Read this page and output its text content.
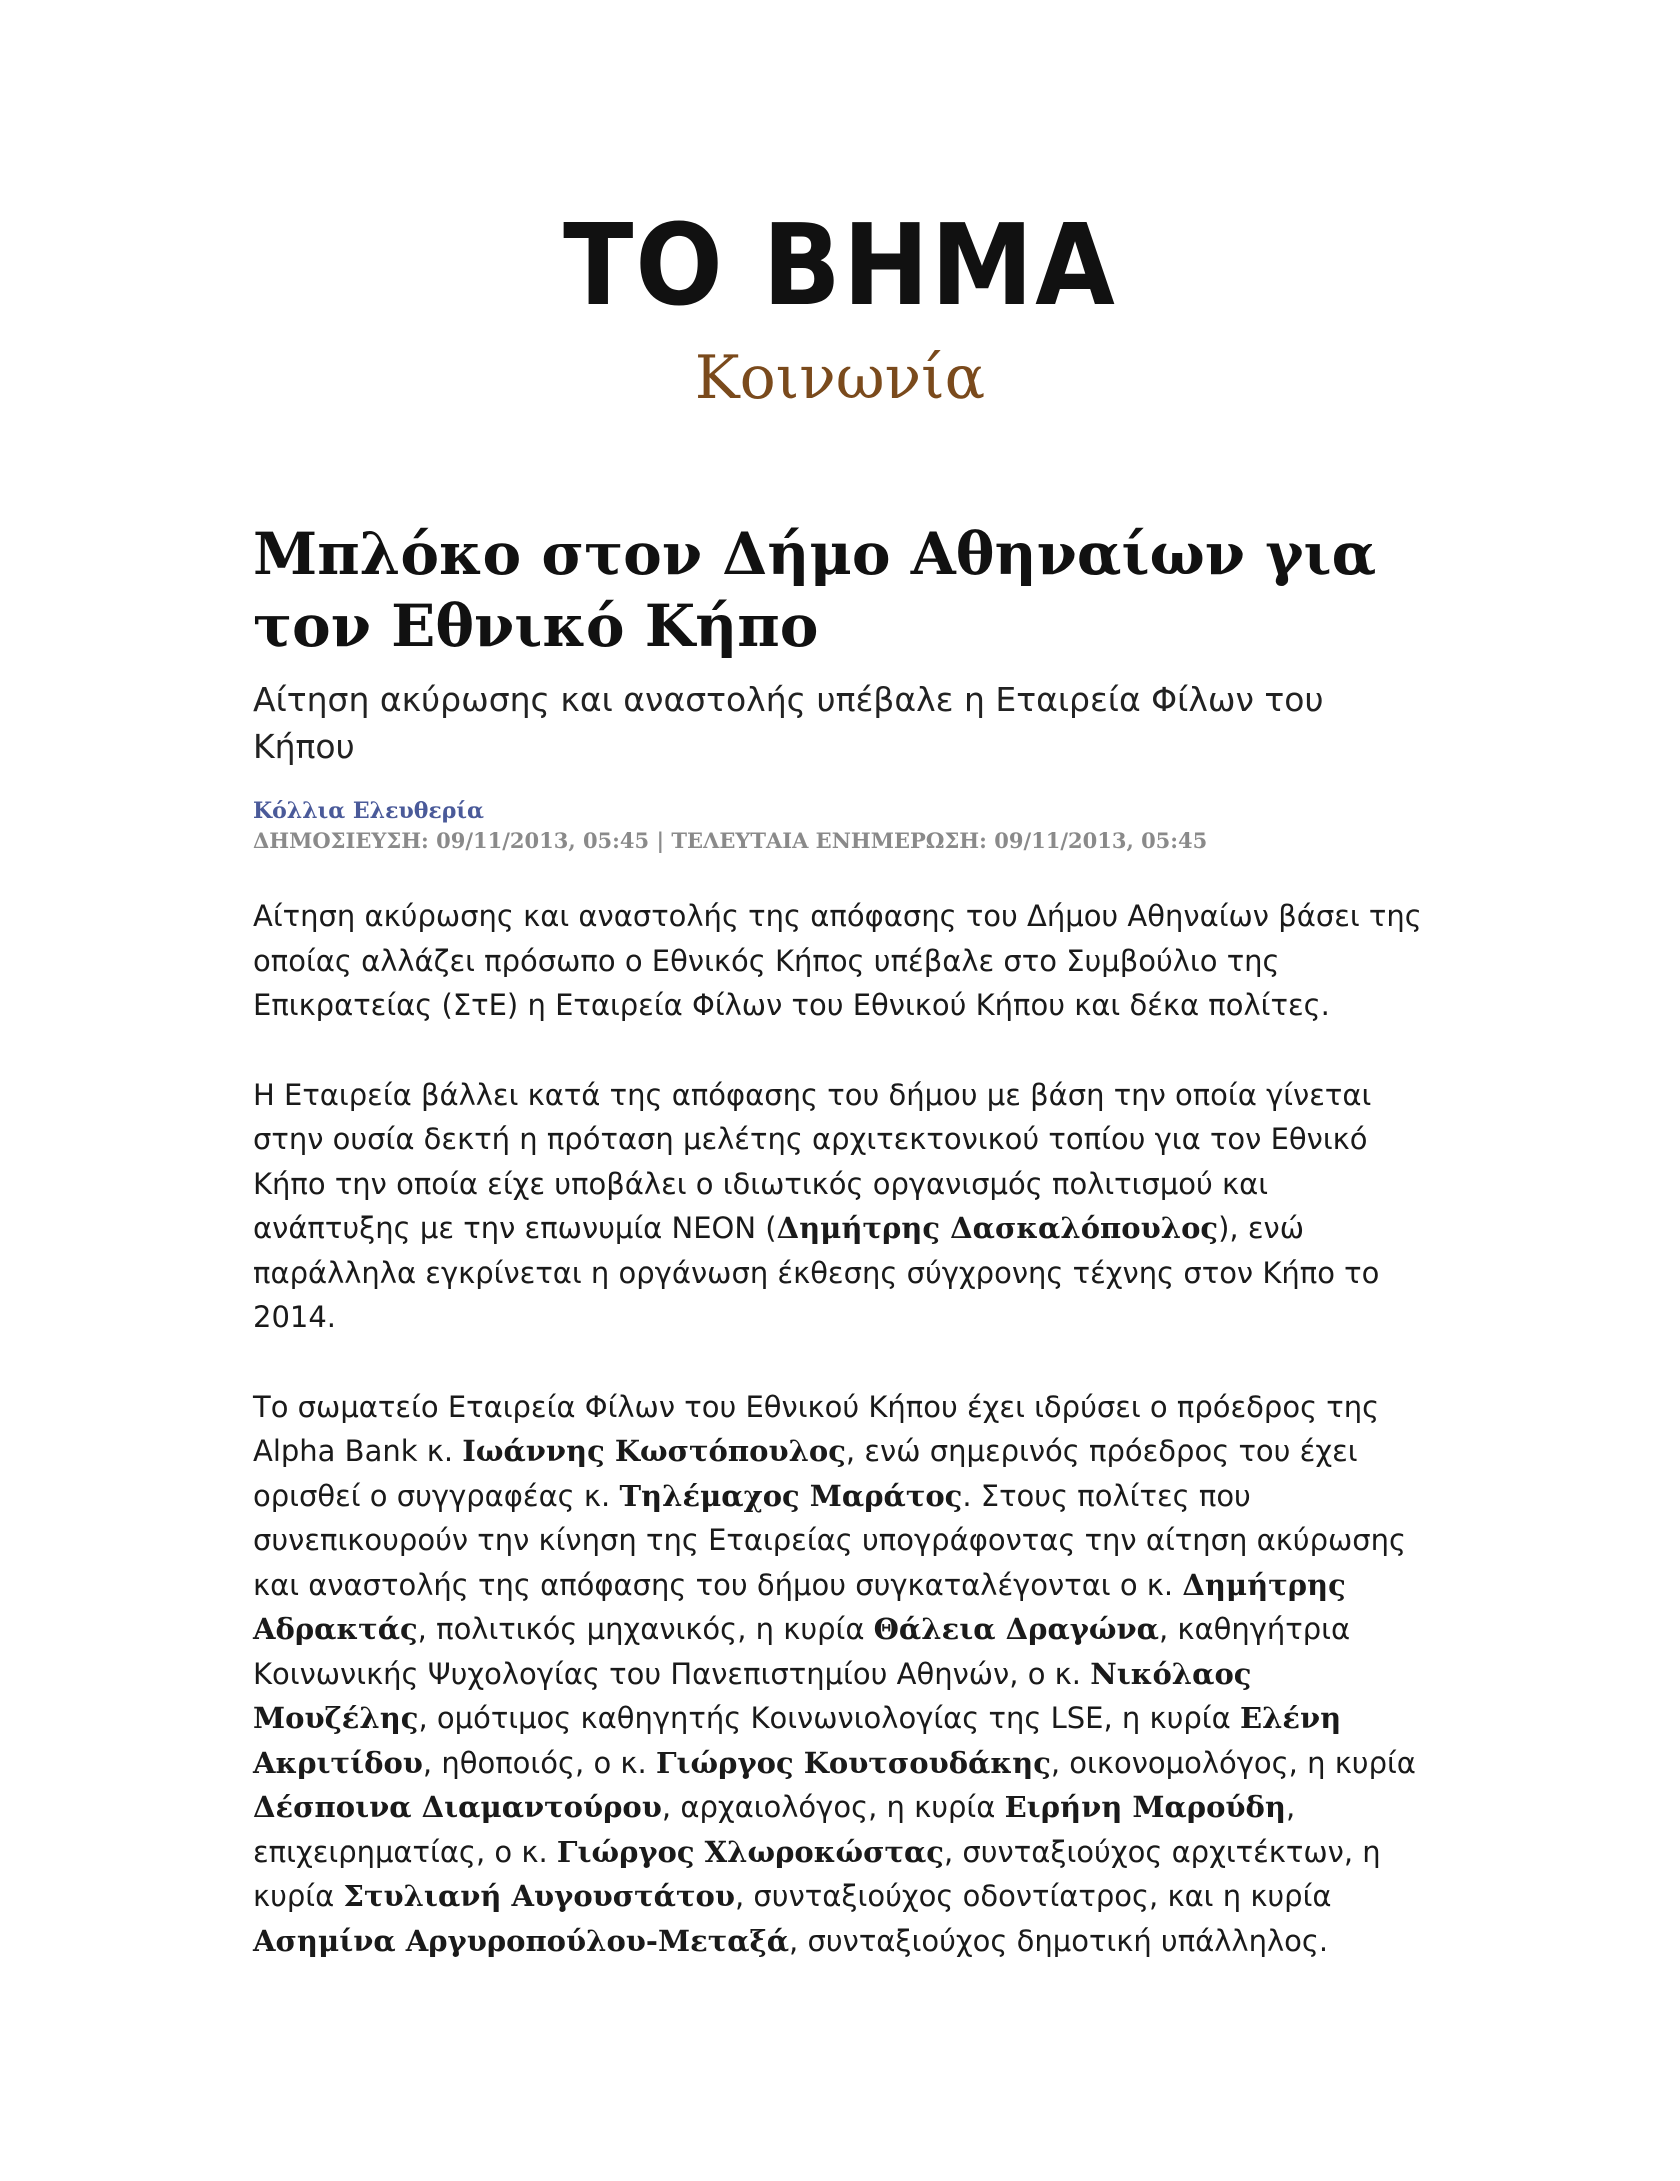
ΤΟ ΒΗΜΑ
Κοινωνία
Μπλόκο στον Δήμο Αθηναίων για τον Εθνικό Κήπο
Αίτηση ακύρωσης και αναστολής υπέβαλε η Εταιρεία Φίλων του Κήπου
Κόλλια Ελευθερία
ΔΗΜΟΣΙΕΥΣΗ: 09/11/2013, 05:45 | ΤΕΛΕΥΤΑΙΑ ΕΝΗΜΕΡΩΣΗ: 09/11/2013, 05:45

Αίτηση ακύρωσης και αναστολής της απόφασης του Δήμου Αθηναίων βάσει της οποίας αλλάζει πρόσωπο ο Εθνικός Κήπος υπέβαλε στο Συμβούλιο της Επικρατείας (ΣτΕ) η Εταιρεία Φίλων του Εθνικού Κήπου και δέκα πολίτες.

Η Εταιρεία βάλλει κατά της απόφασης του δήμου με βάση την οποία γίνεται στην ουσία δεκτή η πρόταση μελέτης αρχιτεκτονικού τοπίου για τον Εθνικό Κήπο την οποία είχε υποβάλει ο ιδιωτικός οργανισμός πολιτισμού και ανάπτυξης με την επωνυμία ΝΕΟΝ (Δημήτρης Δασκαλόπουλος), ενώ παράλληλα εγκρίνεται η οργάνωση έκθεσης σύγχρονης τέχνης στον Κήπο το 2014.

Το σωματείο Εταιρεία Φίλων του Εθνικού Κήπου έχει ιδρύσει ο πρόεδρος της Alpha Bank κ. Ιωάννης Κωστόπουλος, ενώ σημερινός πρόεδρος του έχει ορισθεί ο συγγραφέας κ. Τηλέμαχος Μαράτος. Στους πολίτες που συνεπικουρούν την κίνηση της Εταιρείας υπογράφοντας την αίτηση ακύρωσης και αναστολής της απόφασης του δήμου συγκαταλέγονται ο κ. Δημήτρης Αδρακτάς, πολιτικός μηχανικός, η κυρία Θάλεια Δραγώνα, καθηγήτρια Κοινωνικής Ψυχολογίας του Πανεπιστημίου Αθηνών, ο κ. Νικόλαος Μουζέλης, ομότιμος καθηγητής Κοινωνιολογίας της LSE, η κυρία Ελένη Ακριτίδου, ηθοποιός, ο κ. Γιώργος Κουτσουδάκης, οικονομολόγος, η κυρία Δέσποινα Διαμαντούρου, αρχαιολόγος, η κυρία Ειρήνη Μαρούδη, επιχειρηματίας, ο κ. Γιώργος Χλωροκώστας, συνταξιούχος αρχιτέκτων, η κυρία Στυλιανή Αυγουστάτου, συνταξιούχος οδοντίατρος, και η κυρία Ασημίνα Αργυροπούλου-Μεταξά, συνταξιούχος δημοτική υπάλληλος.
